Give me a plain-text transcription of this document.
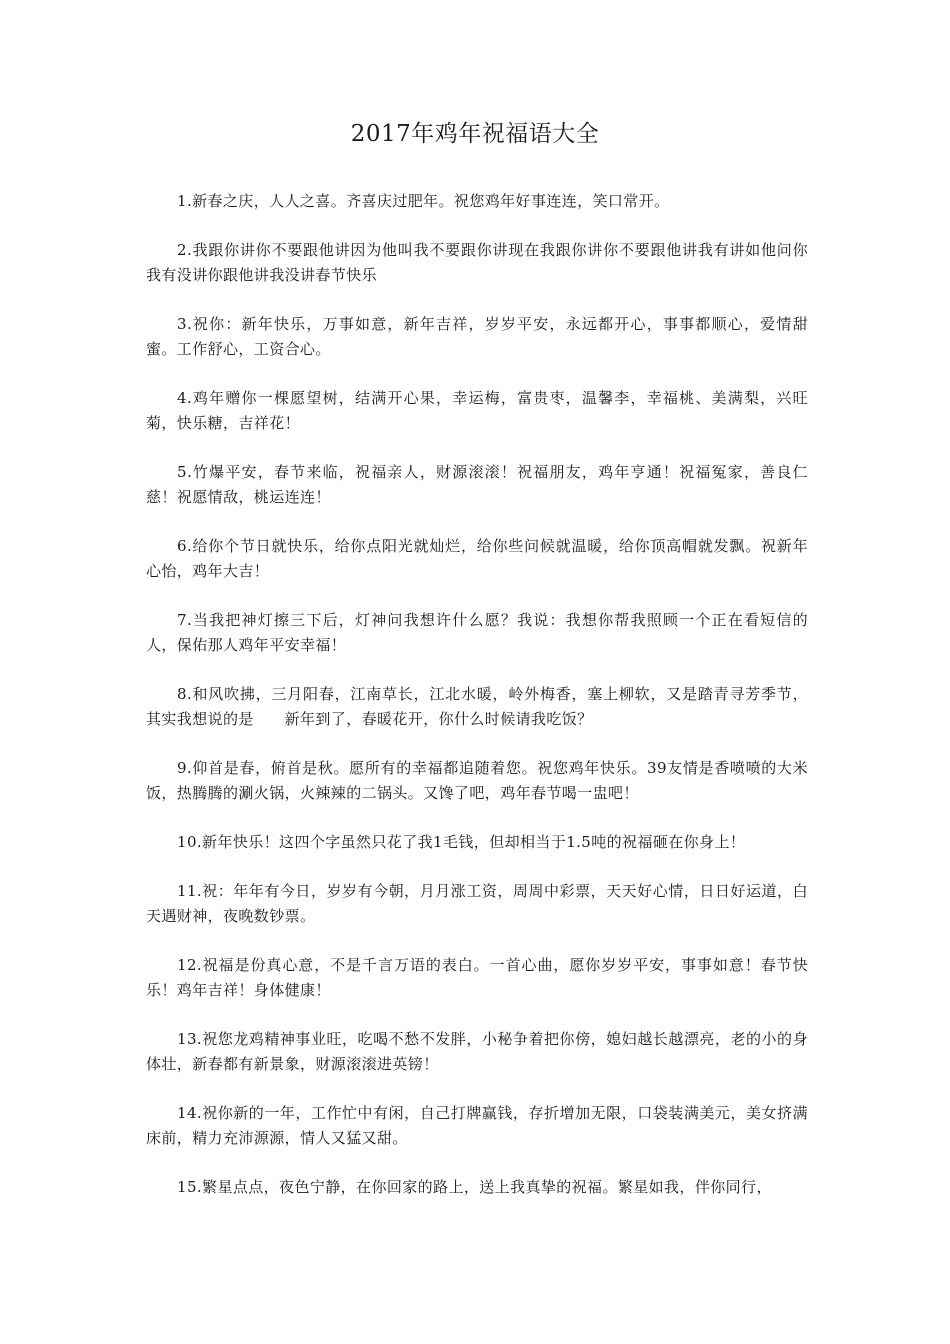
2017年鸡年祝福语大全

1.新春之庆，人人之喜。齐喜庆过肥年。祝您鸡年好事连连，笑口常开。

2.我跟你讲你不要跟他讲因为他叫我不要跟你讲现在我跟你讲你不要跟他讲我有讲如他问你我有没讲你跟他讲我没讲春节快乐

3.祝你：新年快乐，万事如意，新年吉祥，岁岁平安，永远都开心，事事都顺心，爱情甜蜜。工作舒心，工资合心。

4.鸡年赠你一棵愿望树，结满开心果，幸运梅，富贵枣，温馨李，幸福桃、美满梨，兴旺菊，快乐糖，吉祥花！

5.竹爆平安，春节来临，祝福亲人，财源滚滚！祝福朋友，鸡年亨通！祝福冤家，善良仁慈！祝愿情敌，桃运连连！

6.给你个节日就快乐，给你点阳光就灿烂，给你些问候就温暖，给你顶高帽就发飘。祝新年心怡，鸡年大吉！

7.当我把神灯擦三下后，灯神问我想许什么愿？我说：我想你帮我照顾一个正在看短信的人，保佑那人鸡年平安幸福！

8.和风吹拂，三月阳春，江南草长，江北水暖，岭外梅香，塞上柳软，又是踏青寻芳季节，其实我想说的是　　新年到了，春暖花开，你什么时候请我吃饭？

9.仰首是春，俯首是秋。愿所有的幸福都追随着您。祝您鸡年快乐。39友情是香喷喷的大米饭，热腾腾的涮火锅，火辣辣的二锅头。又馋了吧，鸡年春节喝一盅吧！

10.新年快乐！这四个字虽然只花了我1毛钱，但却相当于1.5吨的祝福砸在你身上！

11.祝：年年有今日，岁岁有今朝，月月涨工资，周周中彩票，天天好心情，日日好运道，白天遇财神，夜晚数钞票。

12.祝福是份真心意，不是千言万语的表白。一首心曲，愿你岁岁平安，事事如意！春节快乐！鸡年吉祥！身体健康！

13.祝您龙鸡精神事业旺，吃喝不愁不发胖，小秘争着把你傍，媳妇越长越漂亮，老的小的身体壮，新春都有新景象，财源滚滚进英镑！

14.祝你新的一年，工作忙中有闲，自己打牌赢钱，存折增加无限，口袋装满美元，美女挤满床前，精力充沛源源，情人又猛又甜。

15.繁星点点，夜色宁静，在你回家的路上，送上我真挚的祝福。繁星如我，伴你同行，
